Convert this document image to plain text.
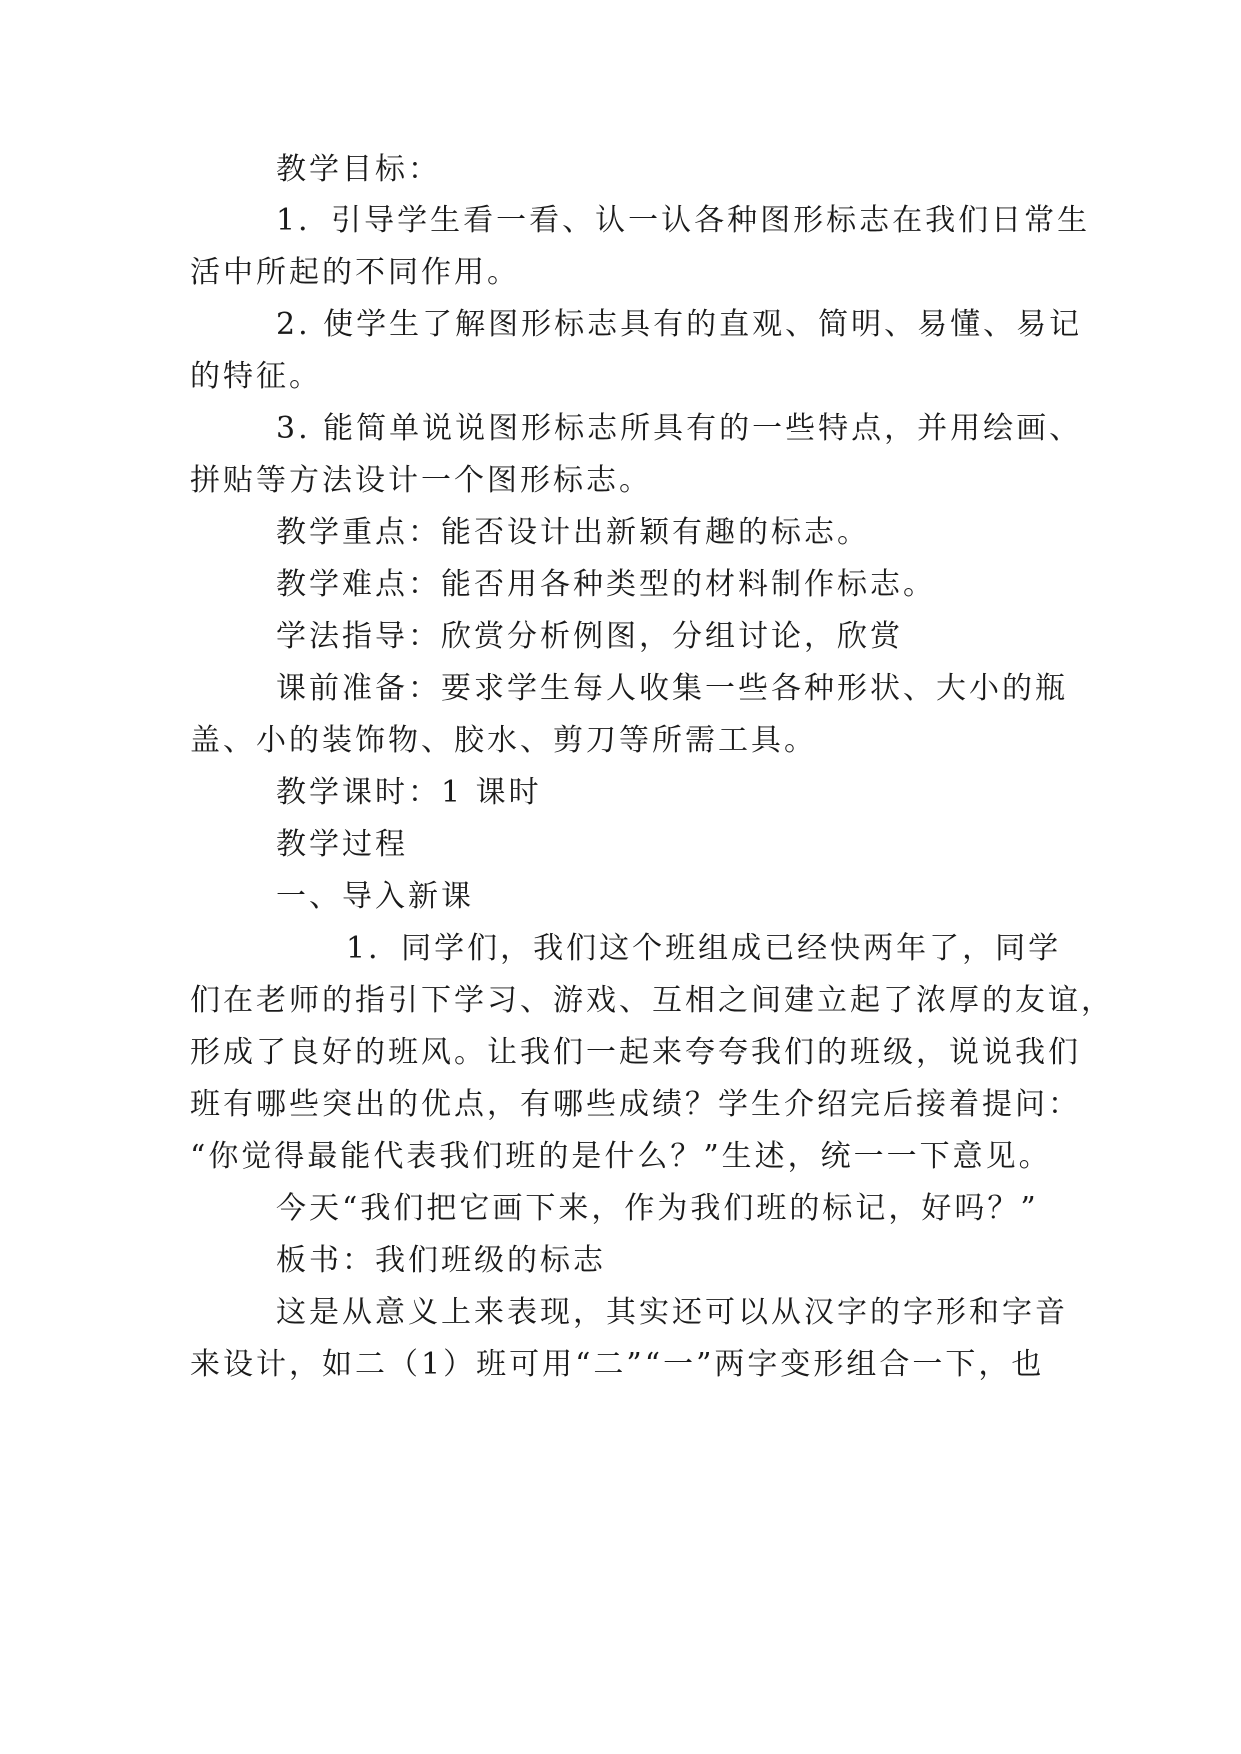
教学目标：
1．引导学生看一看、认一认各种图形标志在我们日常生
活中所起的不同作用。
2. 使学生了解图形标志具有的直观、简明、易懂、易记
的特征。
3. 能简单说说图形标志所具有的一些特点，并用绘画、
拼贴等方法设计一个图形标志。
教学重点：能否设计出新颖有趣的标志。
教学难点：能否用各种类型的材料制作标志。
学法指导：欣赏分析例图，分组讨论，欣赏
课前准备：要求学生每人收集一些各种形状、大小的瓶
盖、小的装饰物、胶水、剪刀等所需工具。
教学课时：1 课时
教学过程
一、导入新课
1．同学们，我们这个班组成已经快两年了，同学
们在老师的指引下学习、游戏、互相之间建立起了浓厚的友谊，
形成了良好的班风。让我们一起来夸夸我们的班级，说说我们
班有哪些突出的优点，有哪些成绩？学生介绍完后接着提问：
“你觉得最能代表我们班的是什么？”生述，统一一下意见。
今天“我们把它画下来，作为我们班的标记，好吗？”
板书：我们班级的标志
这是从意义上来表现，其实还可以从汉字的字形和字音
来设计，如二（1）班可用“二”“一”两字变形组合一下，也
